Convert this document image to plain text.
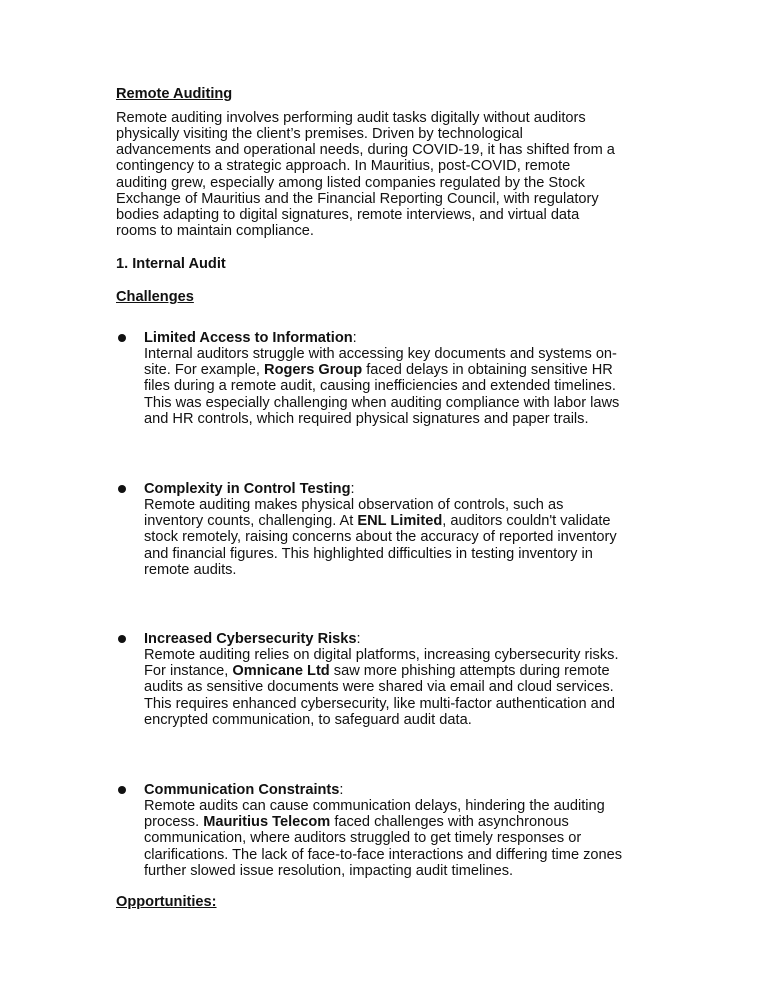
Remote Auditing
Remote auditing involves performing audit tasks digitally without auditors
physically visiting the client’s premises. Driven by technological
advancements and operational needs, during COVID-19, it has shifted from a
contingency to a strategic approach. In Mauritius, post-COVID, remote
auditing grew, especially among listed companies regulated by the Stock
Exchange of Mauritius and the Financial Reporting Council, with regulatory
bodies adapting to digital signatures, remote interviews, and virtual data
rooms to maintain compliance.
1. Internal Audit
Challenges
Limited Access to Information:
Internal auditors struggle with accessing key documents and systems on-
site. For example, Rogers Group faced delays in obtaining sensitive HR
files during a remote audit, causing inefficiencies and extended timelines.
This was especially challenging when auditing compliance with labor laws
and HR controls, which required physical signatures and paper trails.
Complexity in Control Testing:
Remote auditing makes physical observation of controls, such as
inventory counts, challenging. At ENL Limited, auditors couldn't validate
stock remotely, raising concerns about the accuracy of reported inventory
and financial figures. This highlighted difficulties in testing inventory in
remote audits.
Increased Cybersecurity Risks:
Remote auditing relies on digital platforms, increasing cybersecurity risks.
For instance, Omnicane Ltd saw more phishing attempts during remote
audits as sensitive documents were shared via email and cloud services.
This requires enhanced cybersecurity, like multi-factor authentication and
encrypted communication, to safeguard audit data.
Communication Constraints:
Remote audits can cause communication delays, hindering the auditing
process. Mauritius Telecom faced challenges with asynchronous
communication, where auditors struggled to get timely responses or
clarifications. The lack of face-to-face interactions and differing time zones
further slowed issue resolution, impacting audit timelines.
Opportunities:
